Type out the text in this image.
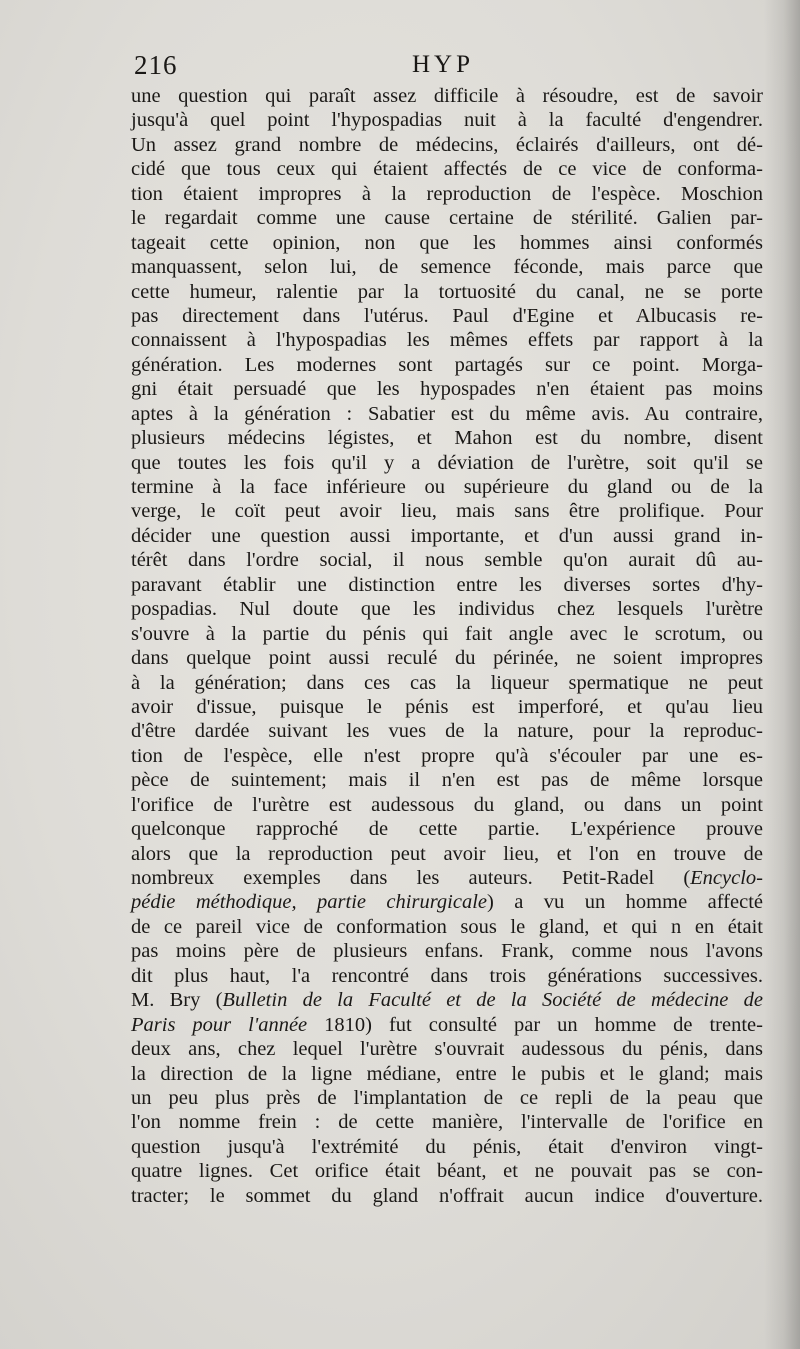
216	HYP
une question qui paraît assez difficile à résoudre, est de savoir
jusqu'à quel point l'hypospadias nuit à la faculté d'engendrer.
Un assez grand nombre de médecins, éclairés d'ailleurs, ont dé-
cidé que tous ceux qui étaient affectés de ce vice de conforma-
tion étaient impropres à la reproduction de l'espèce. Moschion
le regardait comme une cause certaine de stérilité. Galien par-
tageait cette opinion, non que les hommes ainsi conformés
manquassent, selon lui, de semence féconde, mais parce que
cette humeur, ralentie par la tortuosité du canal, ne se porte
pas directement dans l'utérus. Paul d'Egine et Albucasis re-
connaissent à l'hypospadias les mêmes effets par rapport à la
génération. Les modernes sont partagés sur ce point. Morga-
gni était persuadé que les hypospades n'en étaient pas moins
aptes à la génération : Sabatier est du même avis. Au contraire,
plusieurs médecins légistes, et Mahon est du nombre, disent
que toutes les fois qu'il y a déviation de l'urètre, soit qu'il se
termine à la face inférieure ou supérieure du gland ou de la
verge, le coït peut avoir lieu, mais sans être prolifique. Pour
décider une question aussi importante, et d'un aussi grand in-
térêt dans l'ordre social, il nous semble qu'on aurait dû au-
paravant établir une distinction entre les diverses sortes d'hy-
pospadias. Nul doute que les individus chez lesquels l'urètre
s'ouvre à la partie du pénis qui fait angle avec le scrotum, ou
dans quelque point aussi reculé du périnée, ne soient impropres
à la génération; dans ces cas la liqueur spermatique ne peut
avoir d'issue, puisque le pénis est imperforé, et qu'au lieu
d'être dardée suivant les vues de la nature, pour la reproduc-
tion de l'espèce, elle n'est propre qu'à s'écouler par une es-
pèce de suintement; mais il n'en est pas de même lorsque
l'orifice de l'urètre est audessous du gland, ou dans un point
quelconque rapproché de cette partie. L'expérience prouve
alors que la reproduction peut avoir lieu, et l'on en trouve de
nombreux exemples dans les auteurs. Petit-Radel (Encyclo-
pédie méthodique, partie chirurgicale) a vu un homme affecté
de ce pareil vice de conformation sous le gland, et qui n en était
pas moins père de plusieurs enfans. Frank, comme nous l'avons
dit plus haut, l'a rencontré dans trois générations successives.
M. Bry (Bulletin de la Faculté et de la Société de médecine de
Paris pour l'année 1810) fut consulté par un homme de trente-
deux ans, chez lequel l'urètre s'ouvrait audessous du pénis, dans
la direction de la ligne médiane, entre le pubis et le gland; mais
un peu plus près de l'implantation de ce repli de la peau que
l'on nomme frein : de cette manière, l'intervalle de l'orifice en
question jusqu'à l'extrémité du pénis, était d'environ vingt-
quatre lignes. Cet orifice était béant, et ne pouvait pas se con-
tracter; le sommet du gland n'offrait aucun indice d'ouverture.
